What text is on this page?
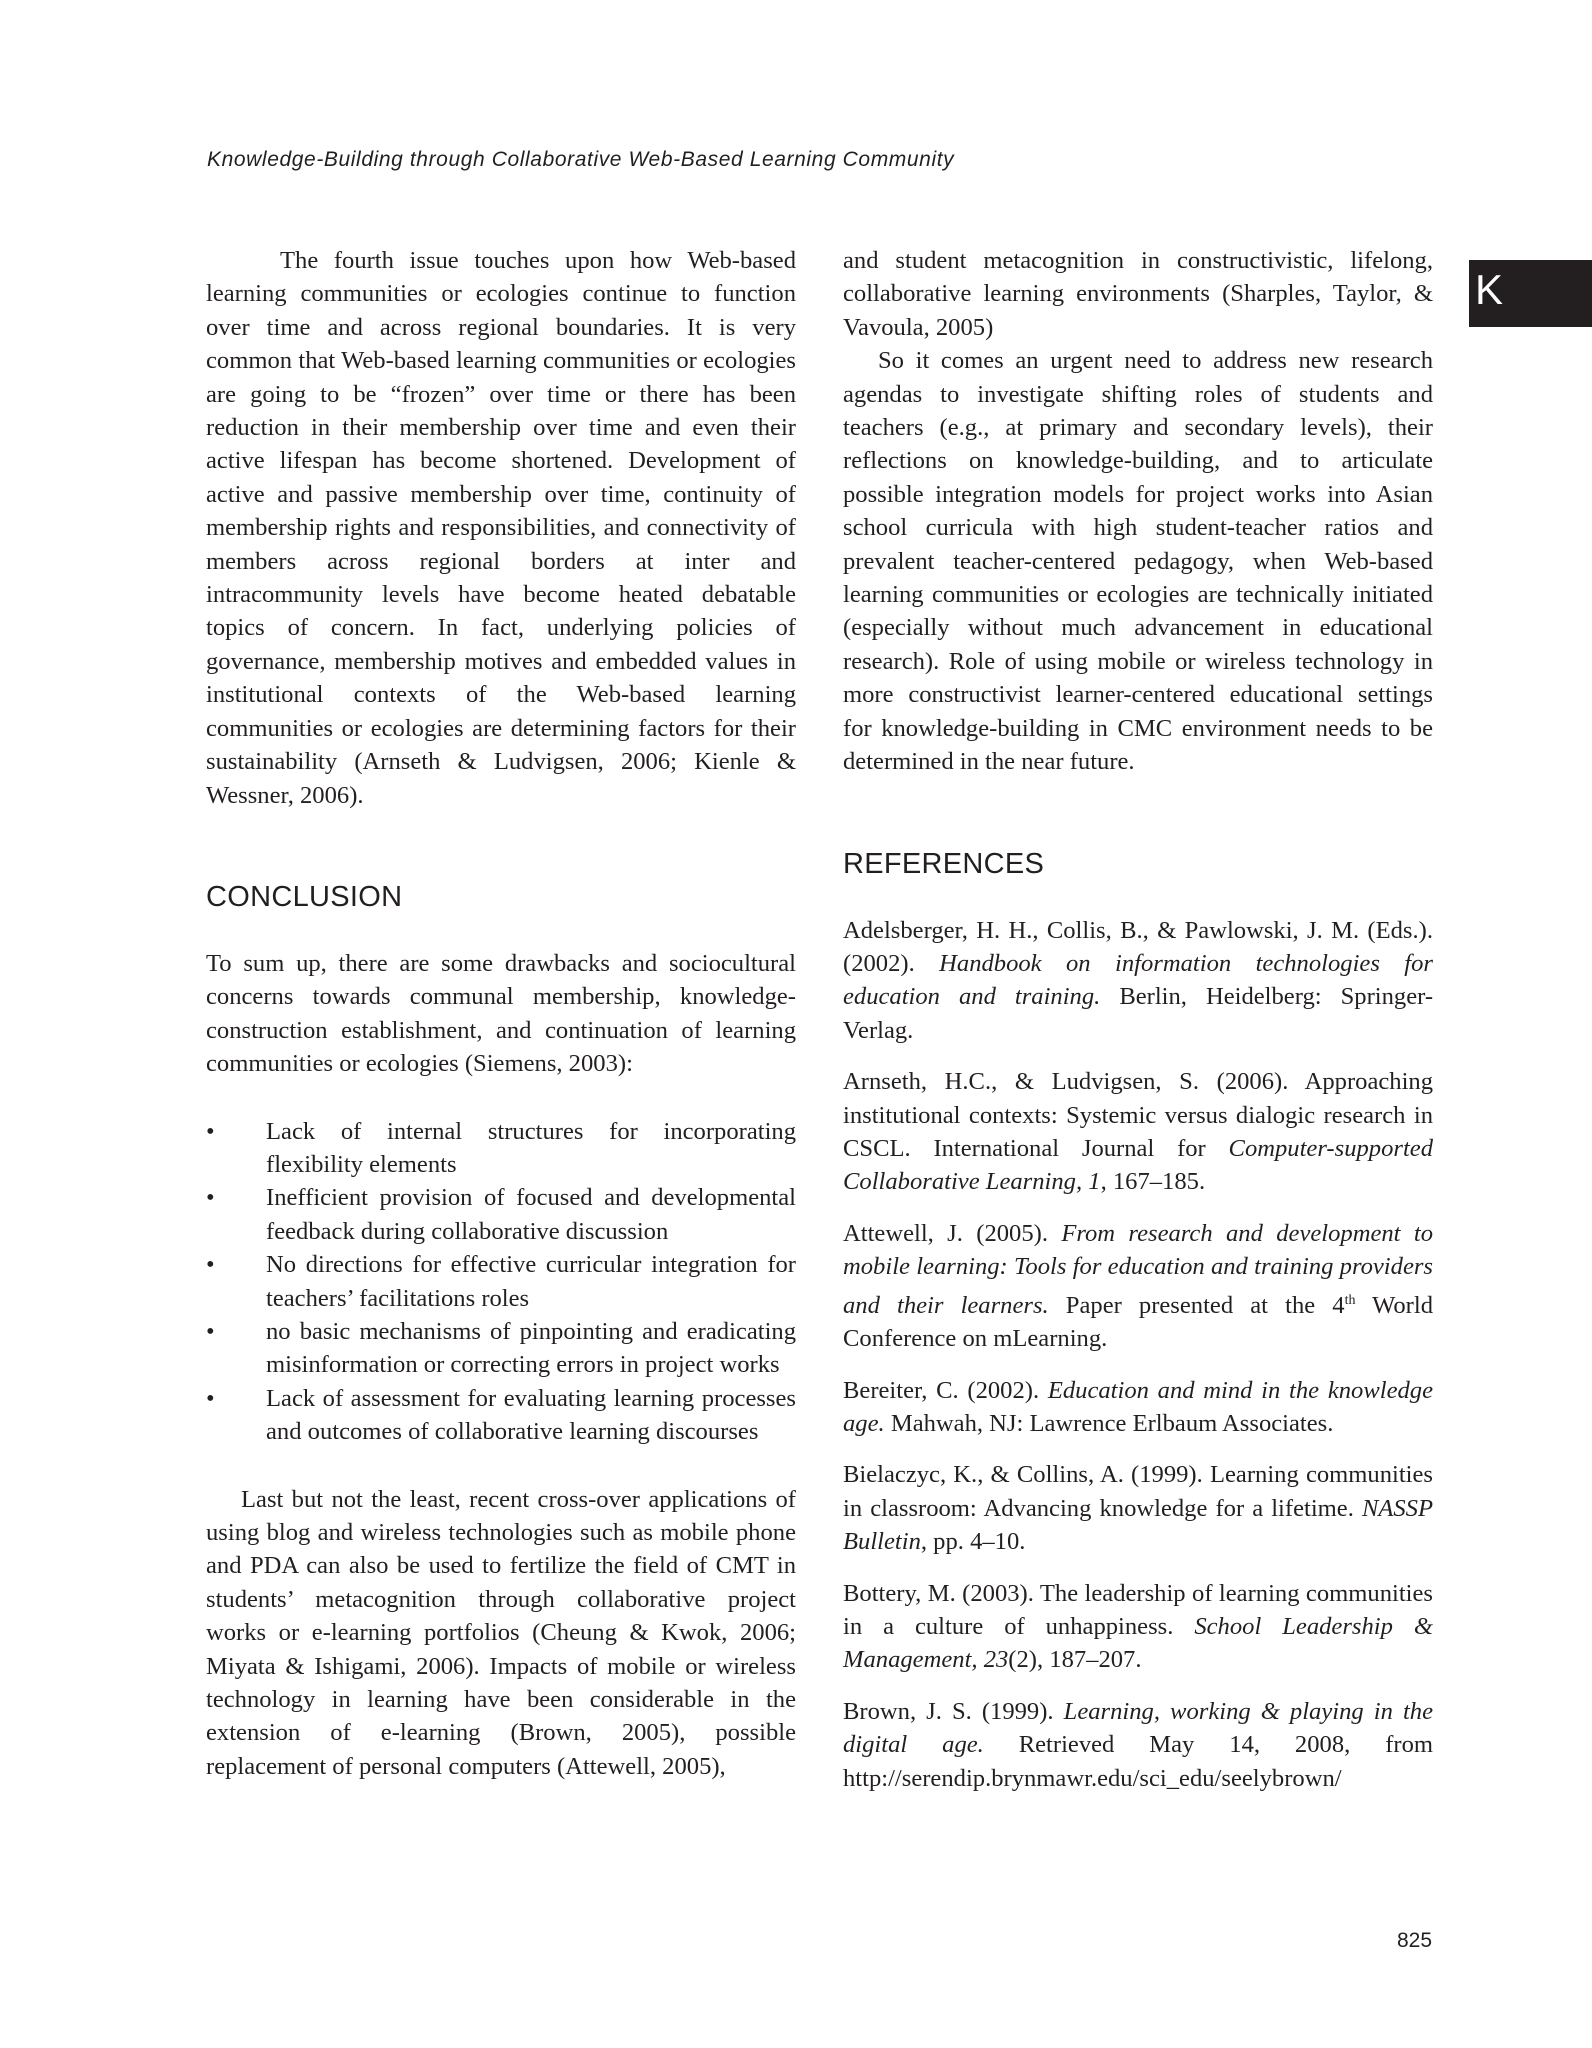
Knowledge-Building through Collaborative Web-Based Learning Community
K

The fourth issue touches upon how Web-based learning communities or ecologies continue to function over time and across regional boundaries. It is very common that Web-based learning communities or ecologies are going to be “frozen” over time or there has been reduction in their membership over time and even their active lifespan has become shortened. Development of active and passive membership over time, continuity of membership rights and responsibilities, and connectivity of members across regional borders at inter and intracommunity levels have become heated debatable topics of concern. In fact, underlying policies of governance, membership motives and embedded values in institutional contexts of the Web-based learning communities or ecologies are determining factors for their sustainability (Arnseth & Ludvigsen, 2006; Kienle & Wessner, 2006).

CONCLUSION

To sum up, there are some drawbacks and sociocultural concerns towards communal membership, knowledge-construction establishment, and continuation of learning communities or ecologies (Siemens, 2003):

• Lack of internal structures for incorporating flexibility elements
• Inefficient provision of focused and developmental feedback during collaborative discussion
• No directions for effective curricular integration for teachers’ facilitations roles
• no basic mechanisms of pinpointing and eradicating misinformation or correcting errors in project works
• Lack of assessment for evaluating learning processes and outcomes of collaborative learning discourses

Last but not the least, recent cross-over applications of using blog and wireless technologies such as mobile phone and PDA can also be used to fertilize the field of CMT in students’ metacognition through collaborative project works or e-learning portfolios (Cheung & Kwok, 2006; Miyata & Ishigami, 2006). Impacts of mobile or wireless technology in learning have been considerable in the extension of e-learning (Brown, 2005), possible replacement of personal computers (Attewell, 2005),

and student metacognition in constructivistic, lifelong, collaborative learning environments (Sharples, Taylor, & Vavoula, 2005)

So it comes an urgent need to address new research agendas to investigate shifting roles of students and teachers (e.g., at primary and secondary levels), their reflections on knowledge-building, and to articulate possible integration models for project works into Asian school curricula with high student-teacher ratios and prevalent teacher-centered pedagogy, when Web-based learning communities or ecologies are technically initiated (especially without much advancement in educational research). Role of using mobile or wireless technology in more constructivist learner-centered educational settings for knowledge-building in CMC environment needs to be determined in the near future.

REFERENCES

Adelsberger, H. H., Collis, B., & Pawlowski, J. M. (Eds.). (2002). Handbook on information technologies for education and training. Berlin, Heidelberg: Springer-Verlag.

Arnseth, H.C., & Ludvigsen, S. (2006). Approaching institutional contexts: Systemic versus dialogic research in CSCL. International Journal for Computer-supported Collaborative Learning, 1, 167–185.

Attewell, J. (2005). From research and development to mobile learning: Tools for education and training providers and their learners. Paper presented at the 4th World Conference on mLearning.

Bereiter, C. (2002). Education and mind in the knowledge age. Mahwah, NJ: Lawrence Erlbaum Associates.

Bielaczyc, K., & Collins, A. (1999). Learning communities in classroom: Advancing knowledge for a lifetime. NASSP Bulletin, pp. 4–10.

Bottery, M. (2003). The leadership of learning communities in a culture of unhappiness. School Leadership & Management, 23(2), 187–207.

Brown, J. S. (1999). Learning, working & playing in the digital age. Retrieved May 14, 2008, from http://serendip.brynmawr.edu/sci_edu/seelybrown/

825
